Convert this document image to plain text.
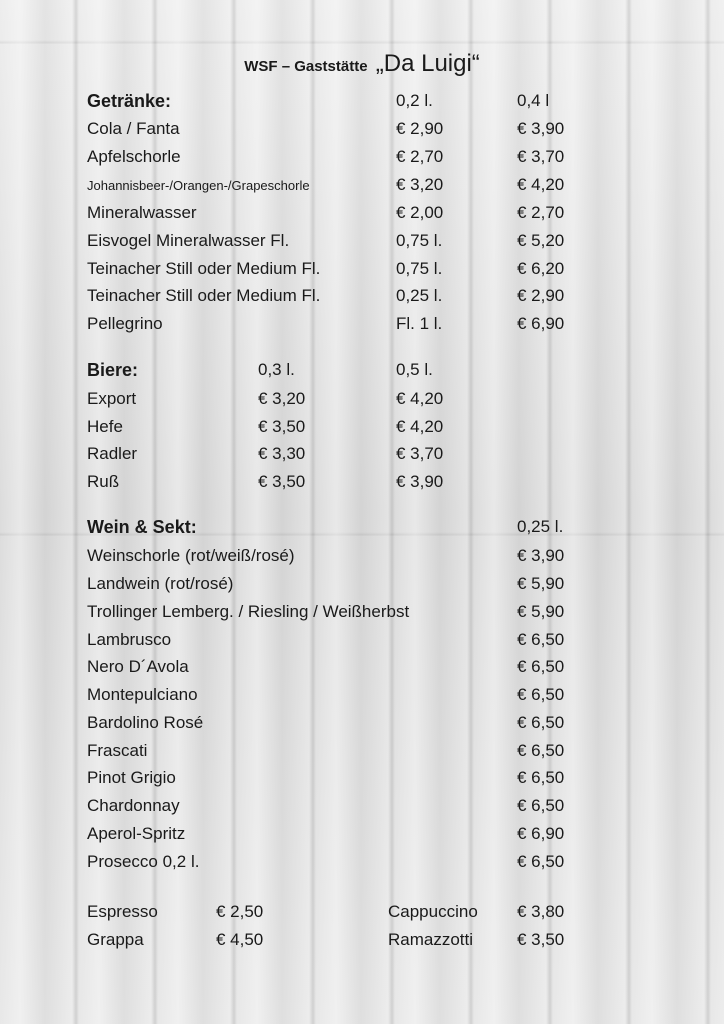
WSF – Gaststätte „Da Luigi“
Getränke:	0,2 l.	0,4 l
Cola / Fanta	€ 2,90	€ 3,90
Apfelschorle	€ 2,70	€ 3,70
Johannisbeer-/Orangen-/Grapeschorle	€ 3,20	€ 4,20
Mineralwasser	€ 2,00	€ 2,70
Eisvogel Mineralwasser Fl.	0,75 l.	€ 5,20
Teinacher Still oder Medium Fl.	0,75 l.	€ 6,20
Teinacher Still oder Medium Fl.	0,25 l.	€ 2,90
Pellegrino	Fl. 1 l.	€ 6,90
Biere:	0,3 l.	0,5 l.
Export	€ 3,20	€ 4,20
Hefe	€ 3,50	€ 4,20
Radler	€ 3,30	€ 3,70
Ruß	€ 3,50	€ 3,90
Wein & Sekt:	0,25 l.
Weinschorle (rot/weiß/rosé)	€ 3,90
Landwein (rot/rosé)	€ 5,90
Trollinger Lemberg. / Riesling / Weißherbst	€ 5,90
Lambrusco	€ 6,50
Nero D´Avola	€ 6,50
Montepulciano	€ 6,50
Bardolino Rosé	€ 6,50
Frascati	€ 6,50
Pinot Grigio	€ 6,50
Chardonnay	€ 6,50
Aperol-Spritz	€ 6,90
Prosecco 0,2 l.	€ 6,50
Espresso	€ 2,50	Cappuccino € 3,80
Grappa	€ 4,50	Ramazzotti	€ 3,50
